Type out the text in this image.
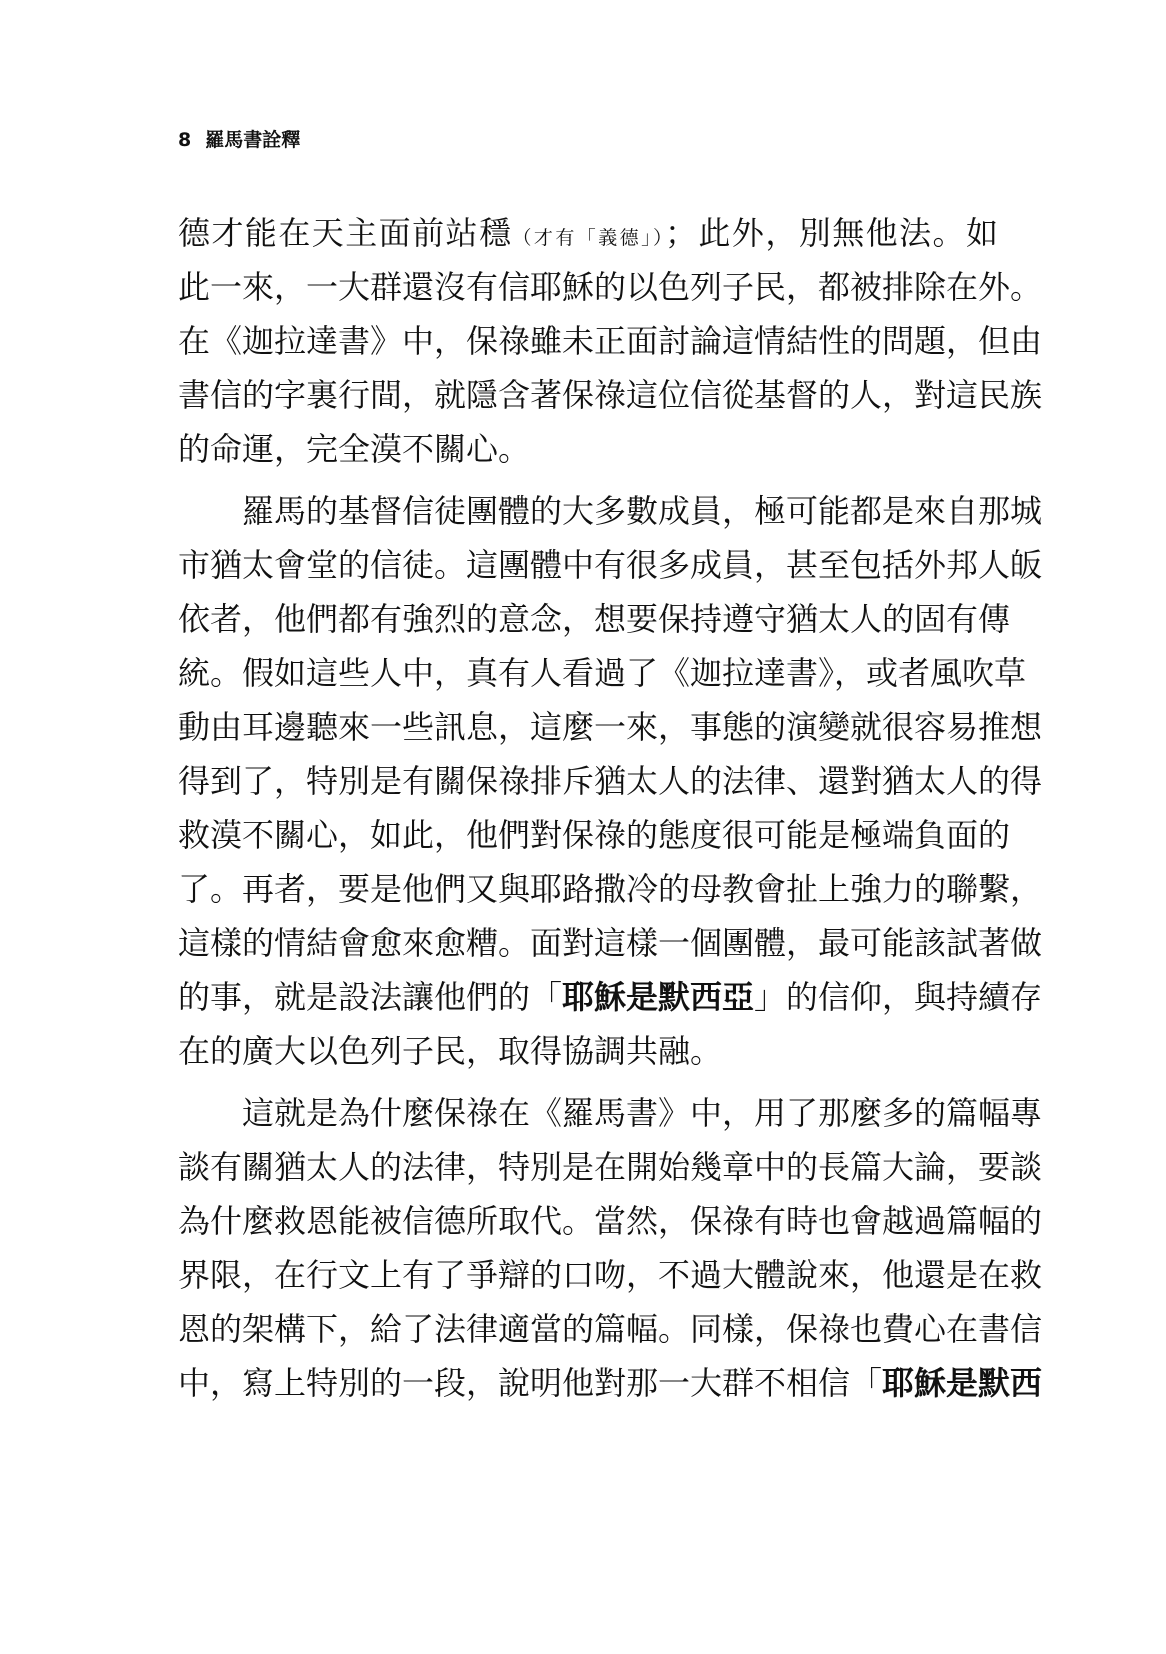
8 羅馬書詮釋
德才能在天主面前站穩（才有「義德」）；此外，別無他法。如
此一來，一大群還沒有信耶穌的以色列子民，都被排除在外。
在《迦拉達書》中，保祿雖未正面討論這情結性的問題，但由
書信的字裏行間，就隱含著保祿這位信從基督的人，對這民族
的命運，完全漠不關心。
羅馬的基督信徒團體的大多數成員，極可能都是來自那城
市猶太會堂的信徒。這團體中有很多成員，甚至包括外邦人皈
依者，他們都有強烈的意念，想要保持遵守猶太人的固有傳
統。假如這些人中，真有人看過了《迦拉達書》，或者風吹草
動由耳邊聽來一些訊息，這麼一來，事態的演變就很容易推想
得到了，特別是有關保祿排斥猶太人的法律、還對猶太人的得
救漠不關心，如此，他們對保祿的態度很可能是極端負面的
了。再者，要是他們又與耶路撒冷的母教會扯上強力的聯繫，
這樣的情結會愈來愈糟。面對這樣一個團體，最可能該試著做
的事，就是設法讓他們的「耶穌是默西亞」的信仰，與持續存
在的廣大以色列子民，取得協調共融。
這就是為什麼保祿在《羅馬書》中，用了那麼多的篇幅專
談有關猶太人的法律，特別是在開始幾章中的長篇大論，要談
為什麼救恩能被信德所取代。當然，保祿有時也會越過篇幅的
界限，在行文上有了爭辯的口吻，不過大體說來，他還是在救
恩的架構下，給了法律適當的篇幅。同樣，保祿也費心在書信
中，寫上特別的一段，說明他對那一大群不相信「耶穌是默西
